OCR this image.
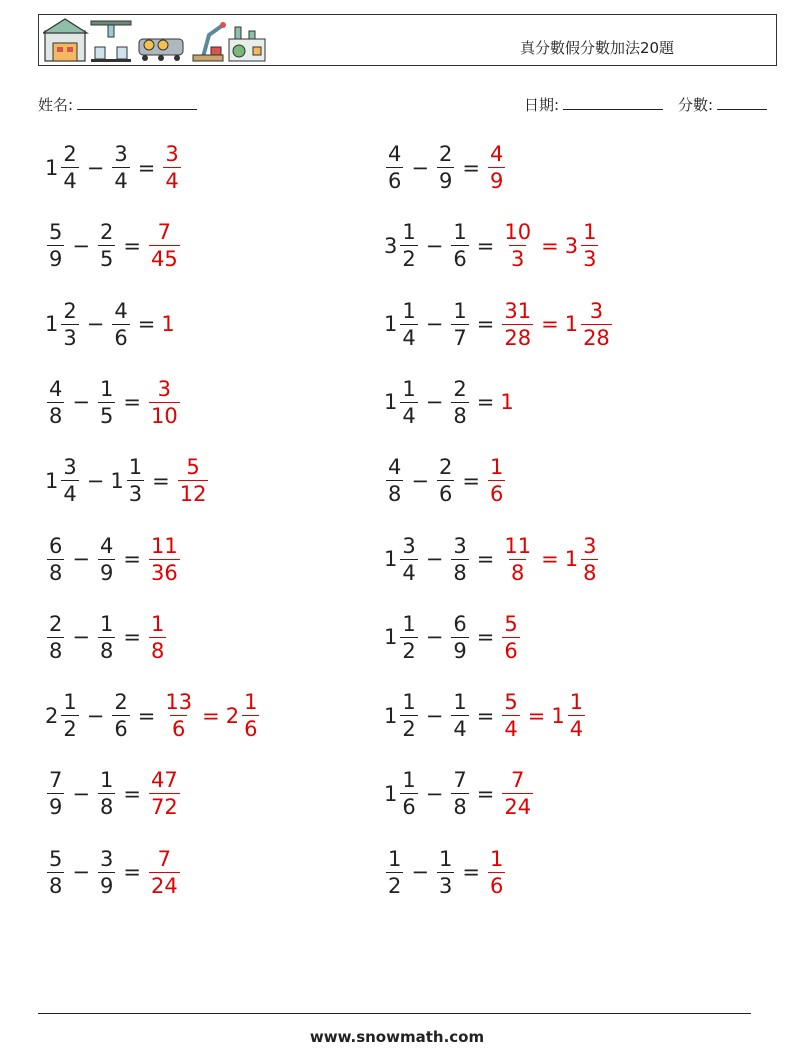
真分數假分數加法20題
姓名:	日期:	分數:
$1 \frac{2}{4} - \frac{3}{4} = \frac{3}{4}$	$\frac{4}{6} - \frac{2}{9} = \frac{4}{9}$
$\frac{5}{9} - \frac{2}{5} = \frac{7}{45}$	$3 \frac{1}{2} - \frac{1}{6} = \frac{10}{3} = 3 \frac{1}{3}$
$1 \frac{2}{3} - \frac{4}{6} = 1$	$1 \frac{1}{4} - \frac{1}{7} = \frac{31}{28} = 1 \frac{3}{28}$
$\frac{4}{8} - \frac{1}{5} = \frac{3}{10}$	$1 \frac{1}{4} - \frac{2}{8} = 1$
$1 \frac{3}{4} - 1 \frac{1}{3} = \frac{5}{12}$	$\frac{4}{8} - \frac{2}{6} = \frac{1}{6}$
$\frac{6}{8} - \frac{4}{9} = \frac{11}{36}$	$1 \frac{3}{4} - \frac{3}{8} = \frac{11}{8} = 1 \frac{3}{8}$
$\frac{2}{8} - \frac{1}{8} = \frac{1}{8}$	$1 \frac{1}{2} - \frac{6}{9} = \frac{5}{6}$
$2 \frac{1}{2} - \frac{2}{6} = \frac{13}{6} = 2 \frac{1}{6}$	$1 \frac{1}{2} - \frac{1}{4} = \frac{5}{4} = 1 \frac{1}{4}$
$\frac{7}{9} - \frac{1}{8} = \frac{47}{72}$	$1 \frac{1}{6} - \frac{7}{8} = \frac{7}{24}$
$\frac{5}{8} - \frac{3}{9} = \frac{7}{24}$	$\frac{1}{2} - \frac{1}{3} = \frac{1}{6}$
www.snowmath.com
